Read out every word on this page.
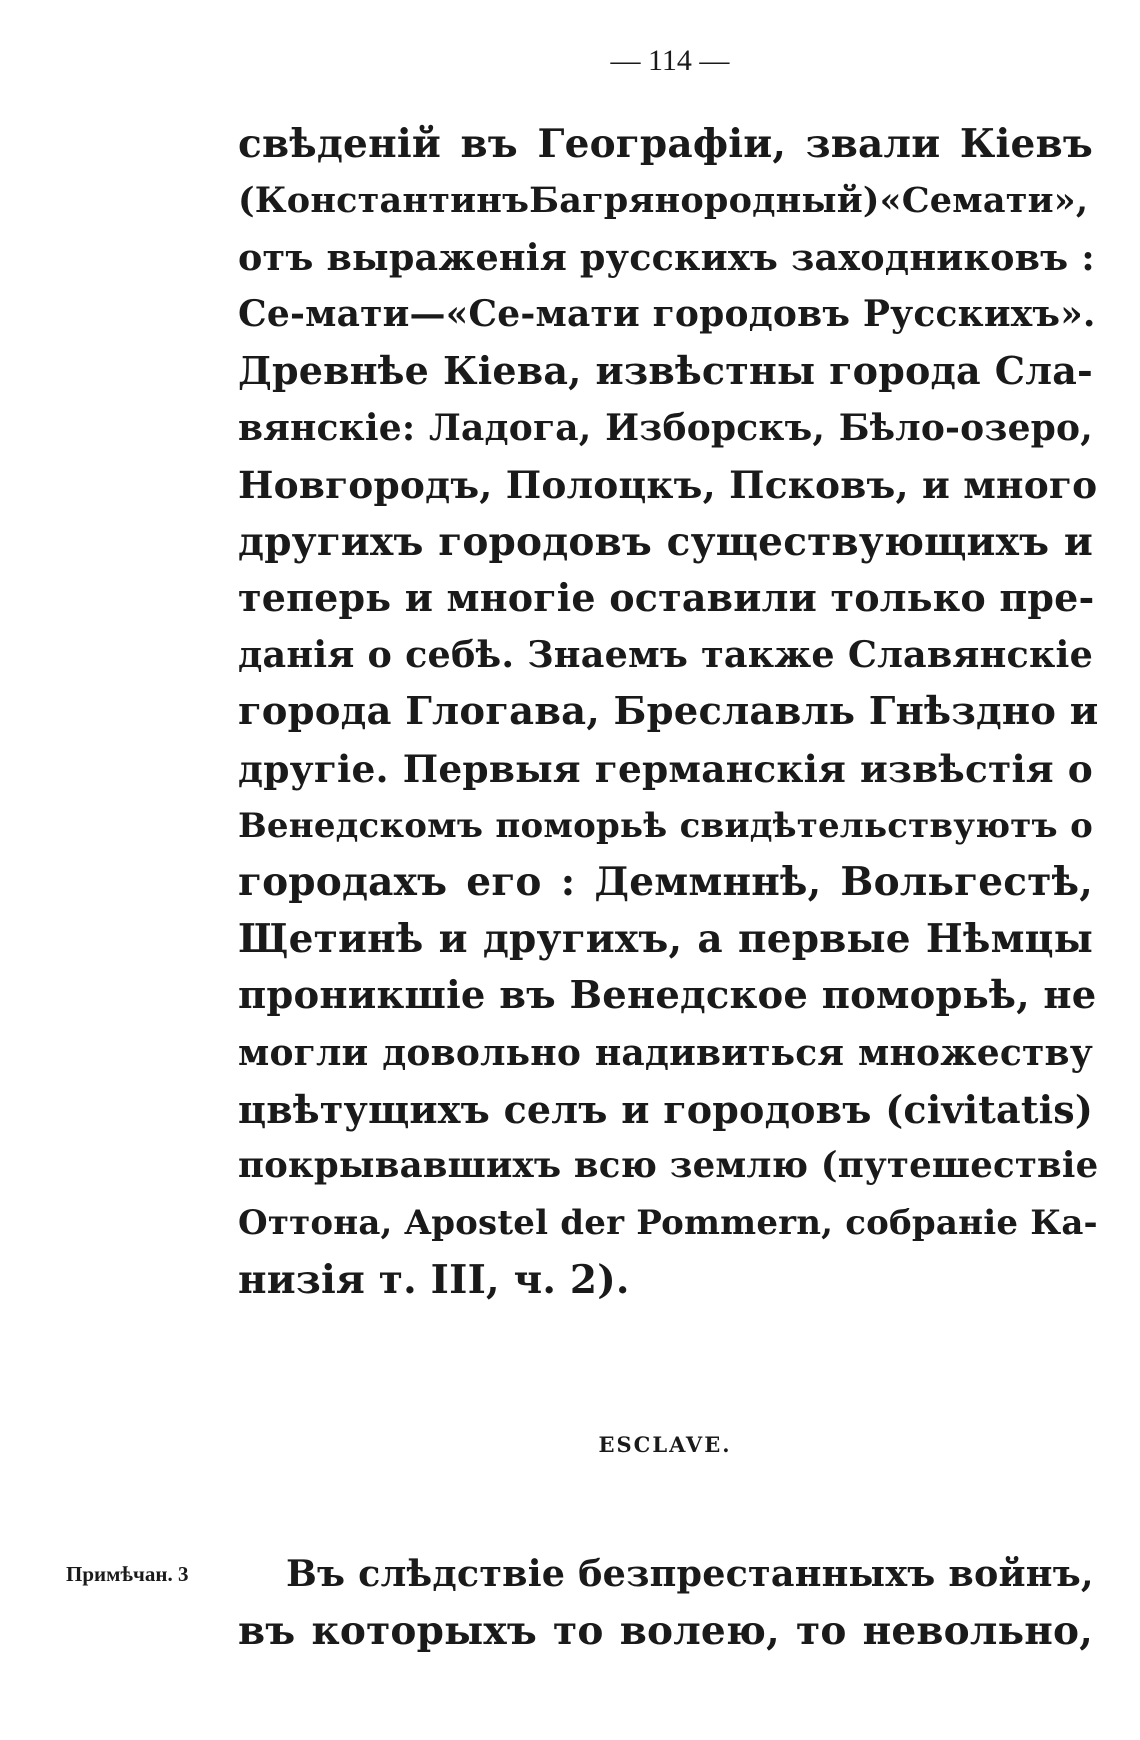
— 114 —
свѣденій въ Географіи, звали Кіевъ
(КонстантинъБагрянородный)«Семати»,
отъ выраженія русскихъ заходниковъ :
Се-мати—«Се-мати городовъ Русскихъ».
Древнѣе Кіева, извѣстны города Сла-
вянскіе: Ладога, Изборскъ, Бѣло-озеро,
Новгородъ, Полоцкъ, Псковъ, и много
другихъ городовъ существующихъ и
теперь и многіе оставили только пре-
данія о себѣ. Знаемъ также Славянскіе
города Глогава, Бреславль Гнѣздно и
другіе. Первыя германскія извѣстія о
Венедскомъ поморьѣ свидѣтельствуютъ о
городахъ его : Деммннѣ, Вольгестѣ,
Щетинѣ и другихъ, а первые Нѣмцы
проникшіе въ Венедское поморьѣ, не
могли довольно надивиться множеству
цвѣтущихъ селъ и городовъ (civitatis)
покрывавшихъ всю землю (путешествіе
Оттона, Apostel der Pommern, собраніе Ка-
низія т. III, ч. 2).
ESCLAVE.
Примѣчан. 3	Въ слѣдствіе безпрестанныхъ войнъ,
въ которыхъ то волею, то невольно,
